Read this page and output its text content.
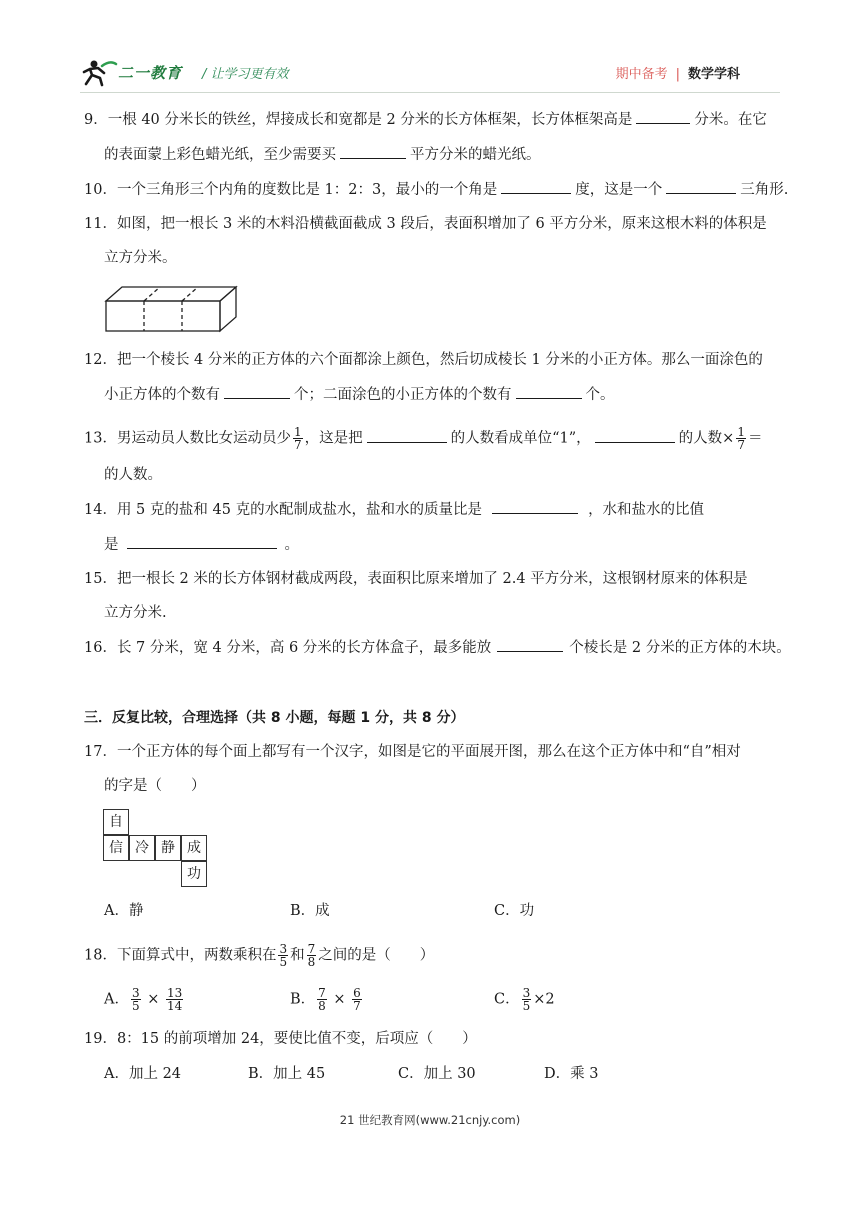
二一教育 / 让学习更有效	期中备考 | 数学学科
9．一根 40 分米长的铁丝，焊接成长和宽都是 2 分米的长方体框架，长方体框架高是	分米。在它
的表面蒙上彩色蜡光纸，至少需要买	平方分米的蜡光纸。
10．一个三角形三个内角的度数比是 1：2：3，最小的一个角是	度，这是一个	三角形.
11．如图，把一根长 3 米的木料沿横截面截成 3 段后，表面积增加了 6 平方分米，原来这根木料的体积是
立方分米。
12．把一个棱长 4 分米的正方体的六个面都涂上颜色，然后切成棱长 1 分米的小正方体。那么一面涂色的
小正方体的个数有	个；二面涂色的小正方体的个数有	个。
13．男运动员人数比女运动员少 $\frac{1}{7}$ ，这是把	的人数看成单位“1”，	的人数× $\frac{1}{7}$ ＝
的人数。
14．用 5 克的盐和 45 克的水配制成盐水，盐和水的质量比是	，水和盐水的比值
是	。
15．把一根长 2 米的长方体钢材截成两段，表面积比原来增加了 2.4 平方分米，这根钢材原来的体积是
立方分米.
16．长 7 分米，宽 4 分米，高 6 分米的长方体盒子，最多能放	个棱长是 2 分米的正方体的木块。
三．反复比较，合理选择（共 8 小题，每题 1 分，共 8 分）
17．一个正方体的每个面上都写有一个汉字，如图是它的平面展开图，那么在这个正方体中和“自”相对
的字是（　　）
自
信 冷 静 成
功
A．静	B．成	C．功
18．下面算式中，两数乘积在 $\frac{3}{5}$ 和 $\frac{7}{8}$ 之间的是（　　）
A． $\frac{3}{5} \times \frac{13}{14}$	B． $\frac{7}{8} \times \frac{6}{7}$	C． $\frac{3}{5} \times 2$
19．8：15 的前项增加 24，要使比值不变，后项应（　　）
A．加上 24	B．加上 45	C．加上 30	D．乘 3
21 世纪教育网(www.21cnjy.com)
